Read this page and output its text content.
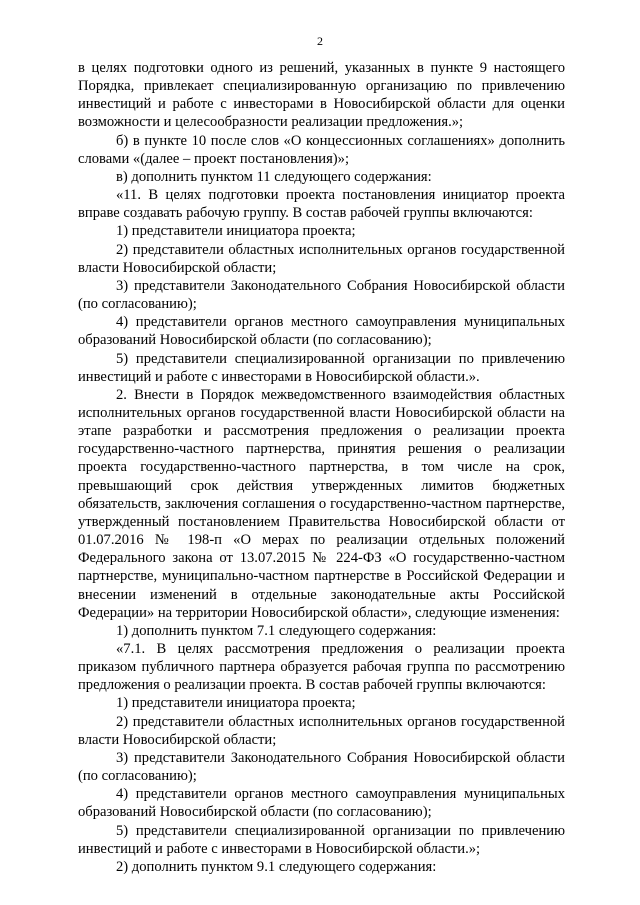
2

в целях подготовки одного из решений, указанных в пункте 9 настоящего Порядка, привлекает специализированную организацию по привлечению инвестиций и работе с инвесторами в Новосибирской области для оценки возможности и целесообразности реализации предложения.»;

б) в пункте 10 после слов «О концессионных соглашениях» дополнить словами «(далее – проект постановления)»;

в) дополнить пунктом 11 следующего содержания:

«11. В целях подготовки проекта постановления инициатор проекта вправе создавать рабочую группу. В состав рабочей группы включаются:

1) представители инициатора проекта;

2) представители областных исполнительных органов государственной власти Новосибирской области;

3) представители Законодательного Собрания Новосибирской области (по согласованию);

4) представители органов местного самоуправления муниципальных образований Новосибирской области (по согласованию);

5) представители специализированной организации по привлечению инвестиций и работе с инвесторами в Новосибирской области.».

2. Внести в Порядок межведомственного взаимодействия областных исполнительных органов государственной власти Новосибирской области на этапе разработки и рассмотрения предложения о реализации проекта государственно-частного партнерства, принятия решения о реализации проекта государственно-частного партнерства, в том числе на срок, превышающий срок действия утвержденных лимитов бюджетных обязательств, заключения соглашения о государственно-частном партнерстве, утвержденный постановлением Правительства Новосибирской области от 01.07.2016 № 198-п «О мерах по реализации отдельных положений Федерального закона от 13.07.2015 № 224-ФЗ «О государственно-частном партнерстве, муниципально-частном партнерстве в Российской Федерации и внесении изменений в отдельные законодательные акты Российской Федерации» на территории Новосибирской области», следующие изменения:

1) дополнить пунктом 7.1 следующего содержания:

«7.1. В целях рассмотрения предложения о реализации проекта приказом публичного партнера образуется рабочая группа по рассмотрению предложения о реализации проекта. В состав рабочей группы включаются:

1) представители инициатора проекта;

2) представители областных исполнительных органов государственной власти Новосибирской области;

3) представители Законодательного Собрания Новосибирской области (по согласованию);

4) представители органов местного самоуправления муниципальных образований Новосибирской области (по согласованию);

5) представители специализированной организации по привлечению инвестиций и работе с инвесторами в Новосибирской области.»;

2) дополнить пунктом 9.1 следующего содержания:
